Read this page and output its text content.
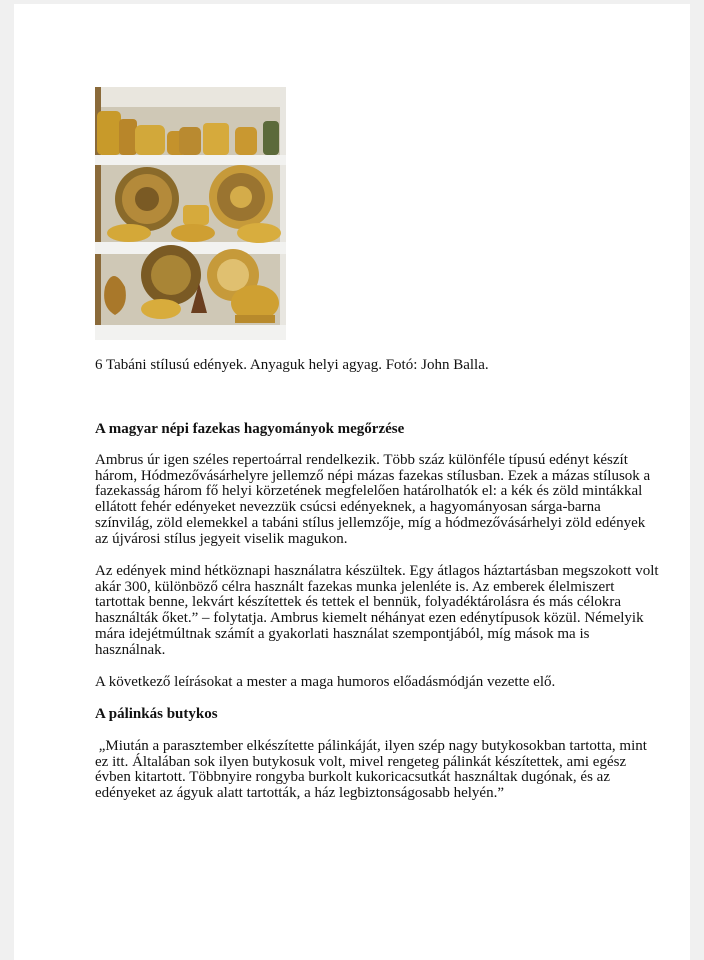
6 Tabáni stílusú edények. Anyaguk helyi agyag. Fotó: John Balla.

A magyar népi fazekas hagyományok megőrzése

Ambrus úr igen széles repertoárral rendelkezik. Több száz különféle típusú edényt készít
három, Hódmezővásárhelyre jellemző népi mázas fazekas stílusban. Ezek a mázas stílusok a
fazekasság három fő helyi körzetének megfelelően határolhatók el: a kék és zöld mintákkal
ellátott fehér edényeket nevezzük csúcsi edényeknek, a hagyományosan sárga-barna
színvilág, zöld elemekkel a tabáni stílus jellemzője, míg a hódmezővásárhelyi zöld edények
az újvárosi stílus jegyeit viselik magukon.

Az edények mind hétköznapi használatra készültek. Egy átlagos háztartásban megszokott volt
akár 300, különböző célra használt fazekas munka jelenléte is. Az emberek élelmiszert
tartottak benne, lekvárt készítettek és tettek el bennük, folyadéktárolásra és más célokra
használták őket.” – folytatja. Ambrus kiemelt néhányat ezen edénytípusok közül. Némelyik
mára idejétmúltnak számít a gyakorlati használat szempontjából, míg mások ma is
használnak.

A következő leírásokat a mester a maga humoros előadásmódján vezette elő.

A pálinkás butykos

„Miután a parasztember elkészítette pálinkáját, ilyen szép nagy butykosokban tartotta, mint
ez itt. Általában sok ilyen butykosuk volt, mivel rengeteg pálinkát készítettek, ami egész
évben kitartott. Többnyire rongyba burkolt kukoricacsutkát használtak dugónak, és az
edényeket az ágyuk alatt tartották, a ház legbiztonságosabb helyén.”
